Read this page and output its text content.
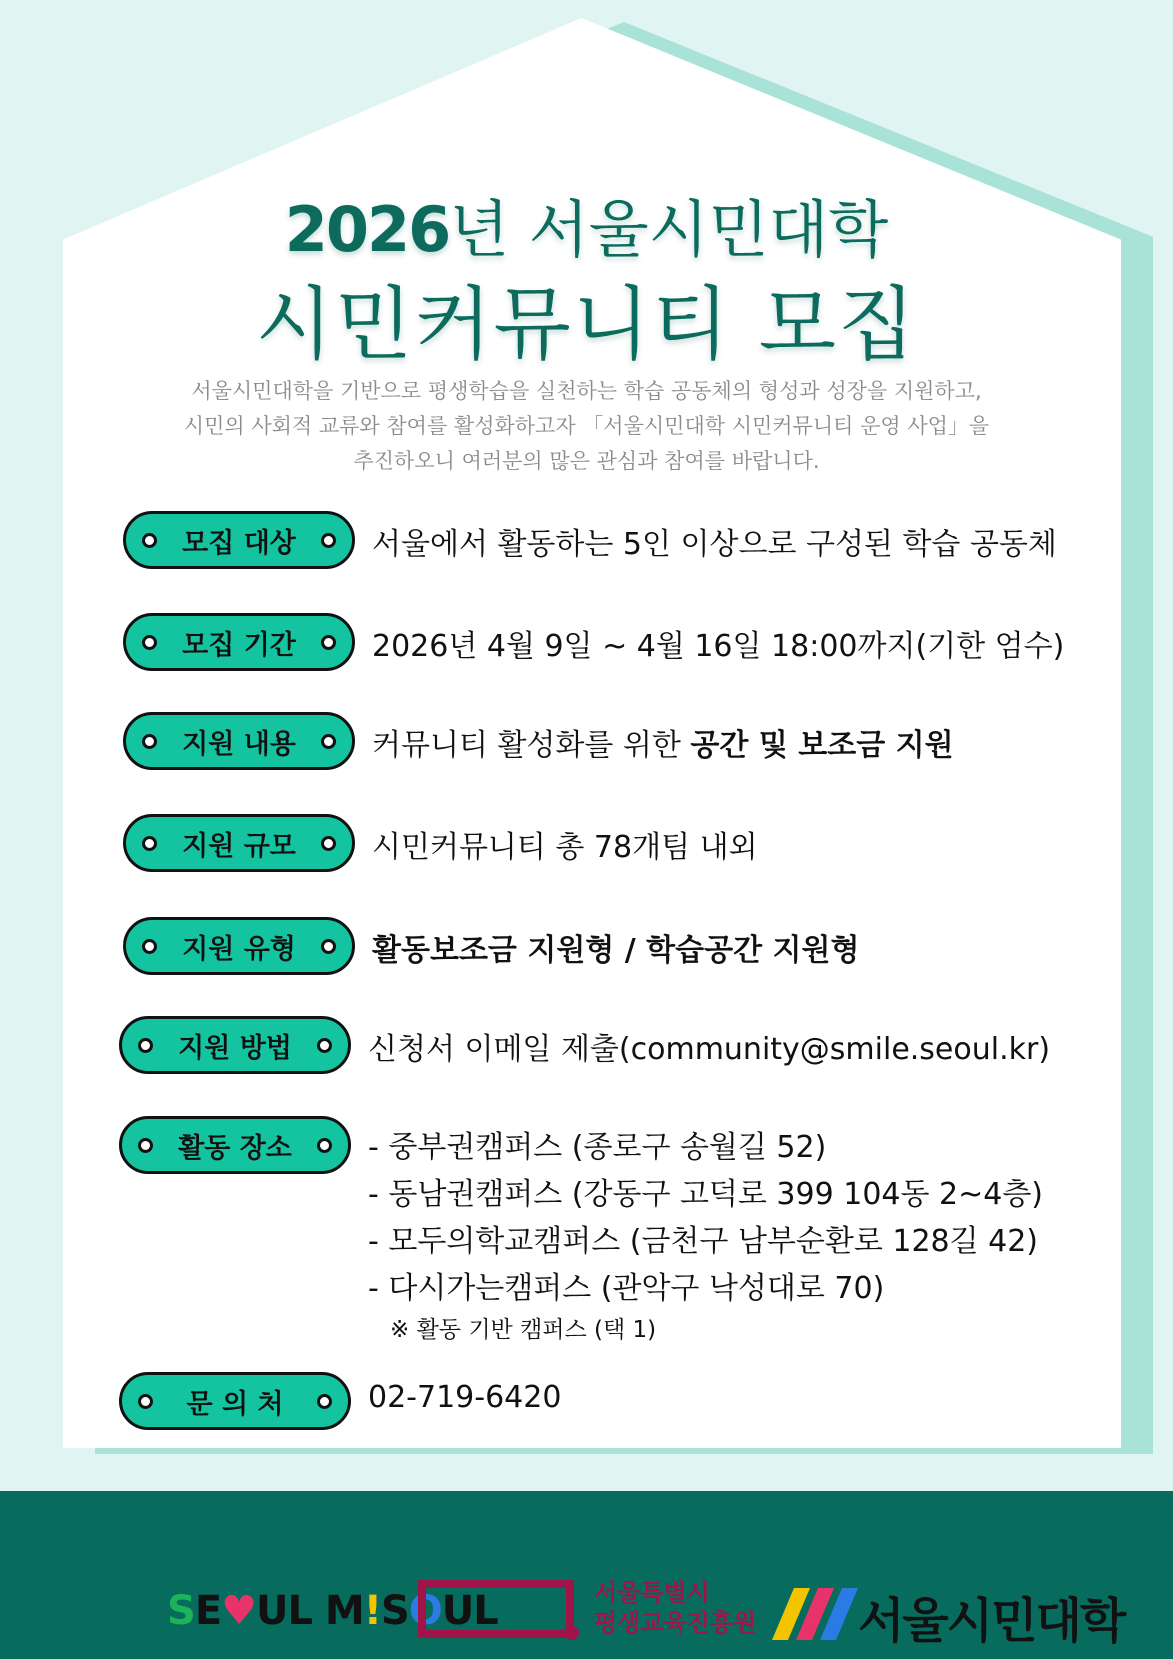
2026년 서울시민대학
시민커뮤니티 모집
서울시민대학을 기반으로 평생학습을 실천하는 학습 공동체의 형성과 성장을 지원하고,
시민의 사회적 교류와 참여를 활성화하고자 「서울시민대학 시민커뮤니티 운영 사업」을
추진하오니 여러분의 많은 관심과 참여를 바랍니다.
모집 대상	서울에서 활동하는 5인 이상으로 구성된 학습 공동체
모집 기간	2026년 4월 9일 ~ 4월 16일 18:00까지(기한 엄수)
지원 내용	커뮤니티 활성화를 위한 공간 및 보조금 지원
지원 규모	시민커뮤니티 총 78개팀 내외
지원 유형	활동보조금 지원형 / 학습공간 지원형
지원 방법	신청서 이메일 제출(community@smile.seoul.kr)
활동 장소	- 중부권캠퍼스 (종로구 송월길 52)
- 동남권캠퍼스 (강동구 고덕로 399 104동 2~4층)
- 모두의학교캠퍼스 (금천구 남부순환로 128길 42)
- 다시가는캠퍼스 (관악구 낙성대로 70)
※ 활동 기반 캠퍼스 (택 1)
문 의 처	02-719-6420
SE♥UL M!SOUL	서울특별시
평생교육진흥원 서울시민대학
